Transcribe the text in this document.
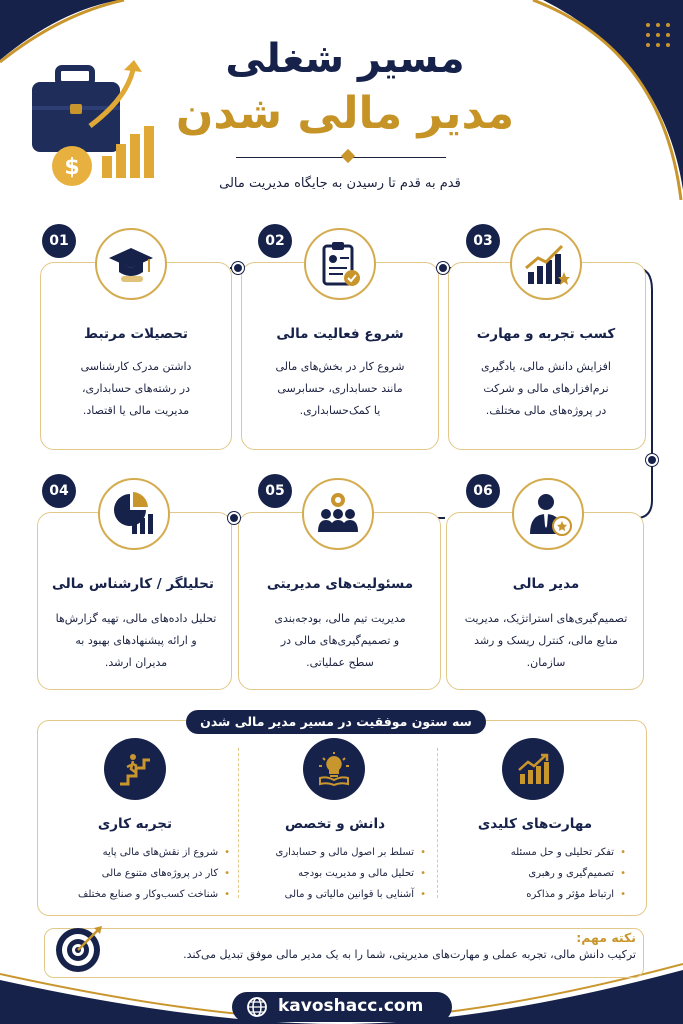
$
مسیر شغلی
مدیر مالی شدن
قدم به قدم تا رسیدن به جایگاه مدیریت مالی
01	02	03
تحصیلات مرتبط	شروع فعالیت مالی	کسب تجربه و مهارت
داشتن مدرک کارشناسی
در رشته‌های حسابداری،
مدیریت مالی یا اقتصاد.
شروع کار در بخش‌های مالی
مانند حسابداری، حسابرسی
یا کمک‌حسابداری.
افزایش دانش مالی، یادگیری
نرم‌افزارهای مالی و شرکت
در پروژه‌های مالی مختلف.
04	05	06
تحلیلگر / کارشناس مالی	مسئولیت‌های مدیریتی	مدیر مالی
تحلیل داده‌های مالی، تهیه گزارش‌ها
و ارائه پیشنهادهای بهبود به
مدیران ارشد.
مدیریت تیم مالی، بودجه‌بندی
و تصمیم‌گیری‌های مالی در
سطح عملیاتی.
تصمیم‌گیری‌های استراتژیک، مدیریت
منابع مالی، کنترل ریسک و رشد
سازمان.
سه ستون موفقیت در مسیر مدیر مالی شدن
تجربه کاری	دانش و تخصص	مهارت‌های کلیدی
• شروع از نقش‌های مالی پایه
• کار در پروژه‌های متنوع مالی
• شناخت کسب‌وکار و صنایع مختلف
• تسلط بر اصول مالی و حسابداری
• تحلیل مالی و مدیریت بودجه
• آشنایی با قوانین مالیاتی و مالی
• تفکر تحلیلی و حل مسئله
• تصمیم‌گیری و رهبری
• ارتباط مؤثر و مذاکره
نکته مهم:
ترکیب دانش مالی، تجربه عملی و مهارت‌های مدیریتی، شما را به یک مدیر مالی موفق تبدیل می‌کند.
kavoshacc.com
